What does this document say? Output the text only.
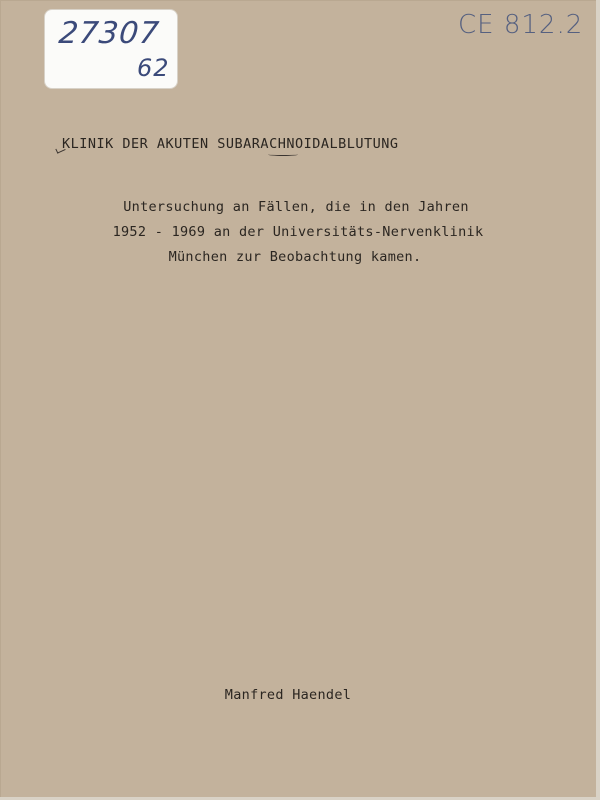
27307
62
CE 812.2
KLINIK DER AKUTEN SUBARACHNOIDALBLUTUNG
Untersuchung an Fällen, die in den Jahren
1952 - 1969 an der Universitäts-Nervenklinik
München zur Beobachtung kamen.
Manfred Haendel
